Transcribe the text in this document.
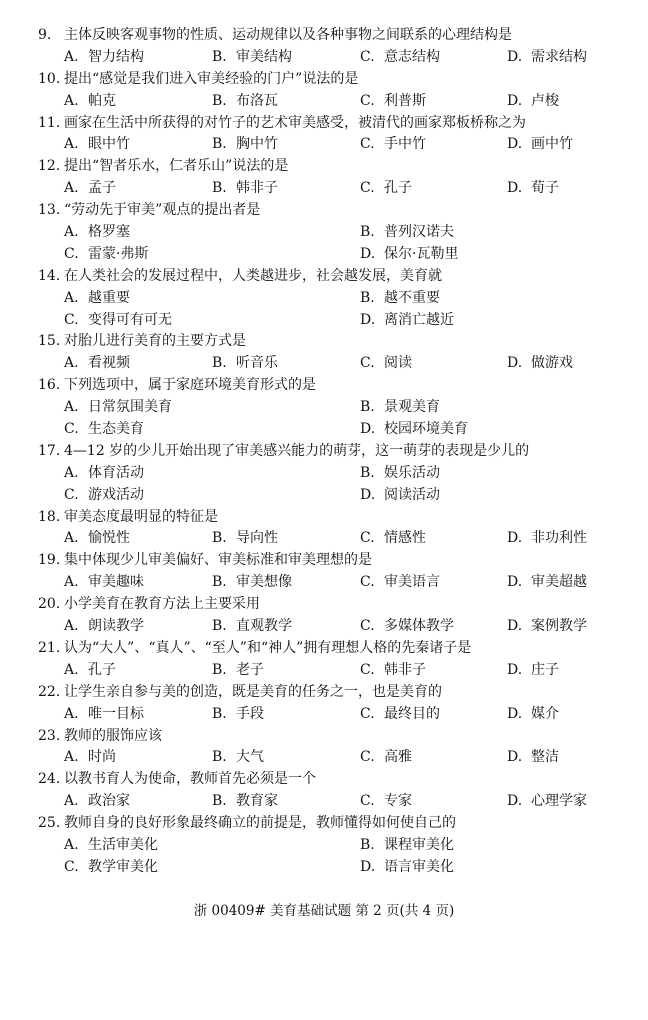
9. 主体反映客观事物的性质、运动规律以及各种事物之间联系的心理结构是
A. 智力结构	B. 审美结构	C. 意志结构	D. 需求结构
10. 提出“感觉是我们进入审美经验的门户”说法的是
A. 帕克	B. 布洛瓦	C. 利普斯	D. 卢梭
11. 画家在生活中所获得的对竹子的艺术审美感受，被清代的画家郑板桥称之为
A. 眼中竹	B. 胸中竹	C. 手中竹	D. 画中竹
12. 提出“智者乐水，仁者乐山”说法的是
A. 孟子	B. 韩非子	C. 孔子	D. 荀子
13. “劳动先于审美”观点的提出者是
A. 格罗塞	B. 普列汉诺夫
C. 雷蒙·弗斯	D. 保尔·瓦勒里
14. 在人类社会的发展过程中，人类越进步，社会越发展，美育就
A. 越重要	B. 越不重要
C. 变得可有可无	D. 离消亡越近
15. 对胎儿进行美育的主要方式是
A. 看视频	B. 听音乐	C. 阅读	D. 做游戏
16. 下列选项中，属于家庭环境美育形式的是
A. 日常氛围美育	B. 景观美育
C. 生态美育	D. 校园环境美育
17. 4—12 岁的少儿开始出现了审美感兴能力的萌芽，这一萌芽的表现是少儿的
A. 体育活动	B. 娱乐活动
C. 游戏活动	D. 阅读活动
18. 审美态度最明显的特征是
A. 愉悦性	B. 导向性	C. 情感性	D. 非功利性
19. 集中体现少儿审美偏好、审美标准和审美理想的是
A. 审美趣味	B. 审美想像	C. 审美语言	D. 审美超越
20. 小学美育在教育方法上主要采用
A. 朗读教学	B. 直观教学	C. 多媒体教学	D. 案例教学
21. 认为“大人”、“真人”、“至人”和“神人”拥有理想人格的先秦诸子是
A. 孔子	B. 老子	C. 韩非子	D. 庄子
22. 让学生亲自参与美的创造，既是美育的任务之一，也是美育的
A. 唯一目标	B. 手段	C. 最终目的	D. 媒介
23. 教师的服饰应该
A. 时尚	B. 大气	C. 高雅	D. 整洁
24. 以教书育人为使命，教师首先必须是一个
A. 政治家	B. 教育家	C. 专家	D. 心理学家
25. 教师自身的良好形象最终确立的前提是，教师懂得如何使自己的
A. 生活审美化	B. 课程审美化
C. 教学审美化	D. 语言审美化
浙 00409# 美育基础试题 第 2 页(共 4 页)
